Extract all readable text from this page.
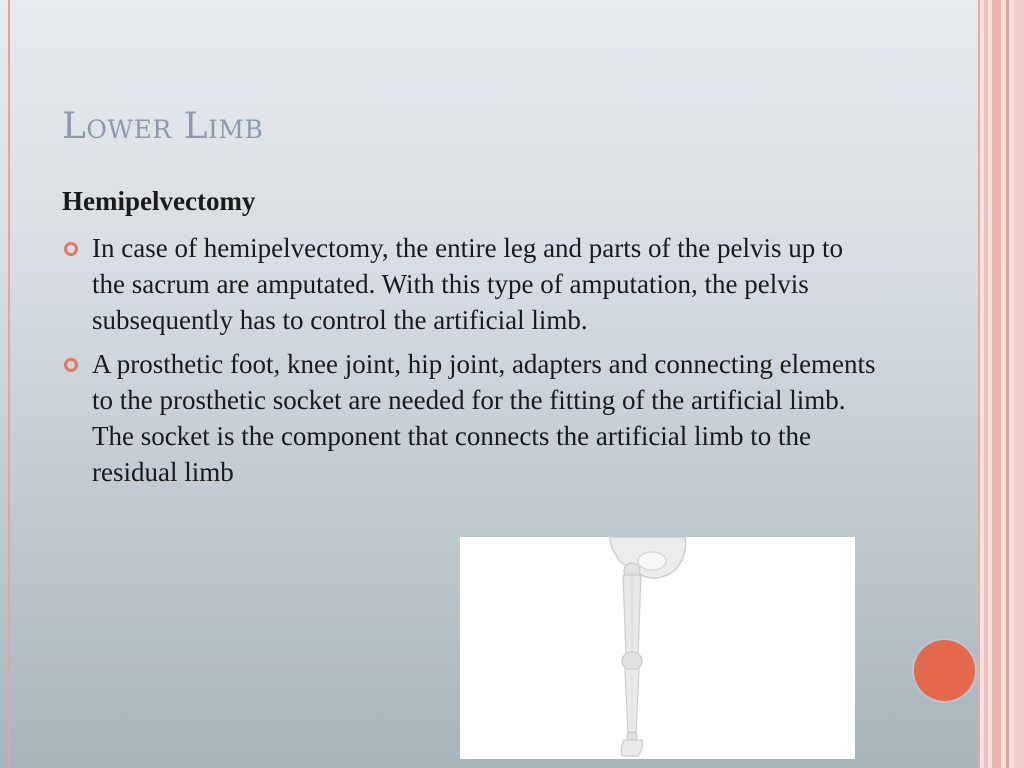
Lower Limb
Hemipelvectomy
In case of hemipelvectomy, the entire leg and parts of the pelvis up to the sacrum are amputated. With this type of amputation, the pelvis subsequently has to control the artificial limb.
A prosthetic foot, knee joint, hip joint, adapters and connecting elements to the prosthetic socket are needed for the fitting of the artificial limb. The socket is the component that connects the artificial limb to the residual limb
